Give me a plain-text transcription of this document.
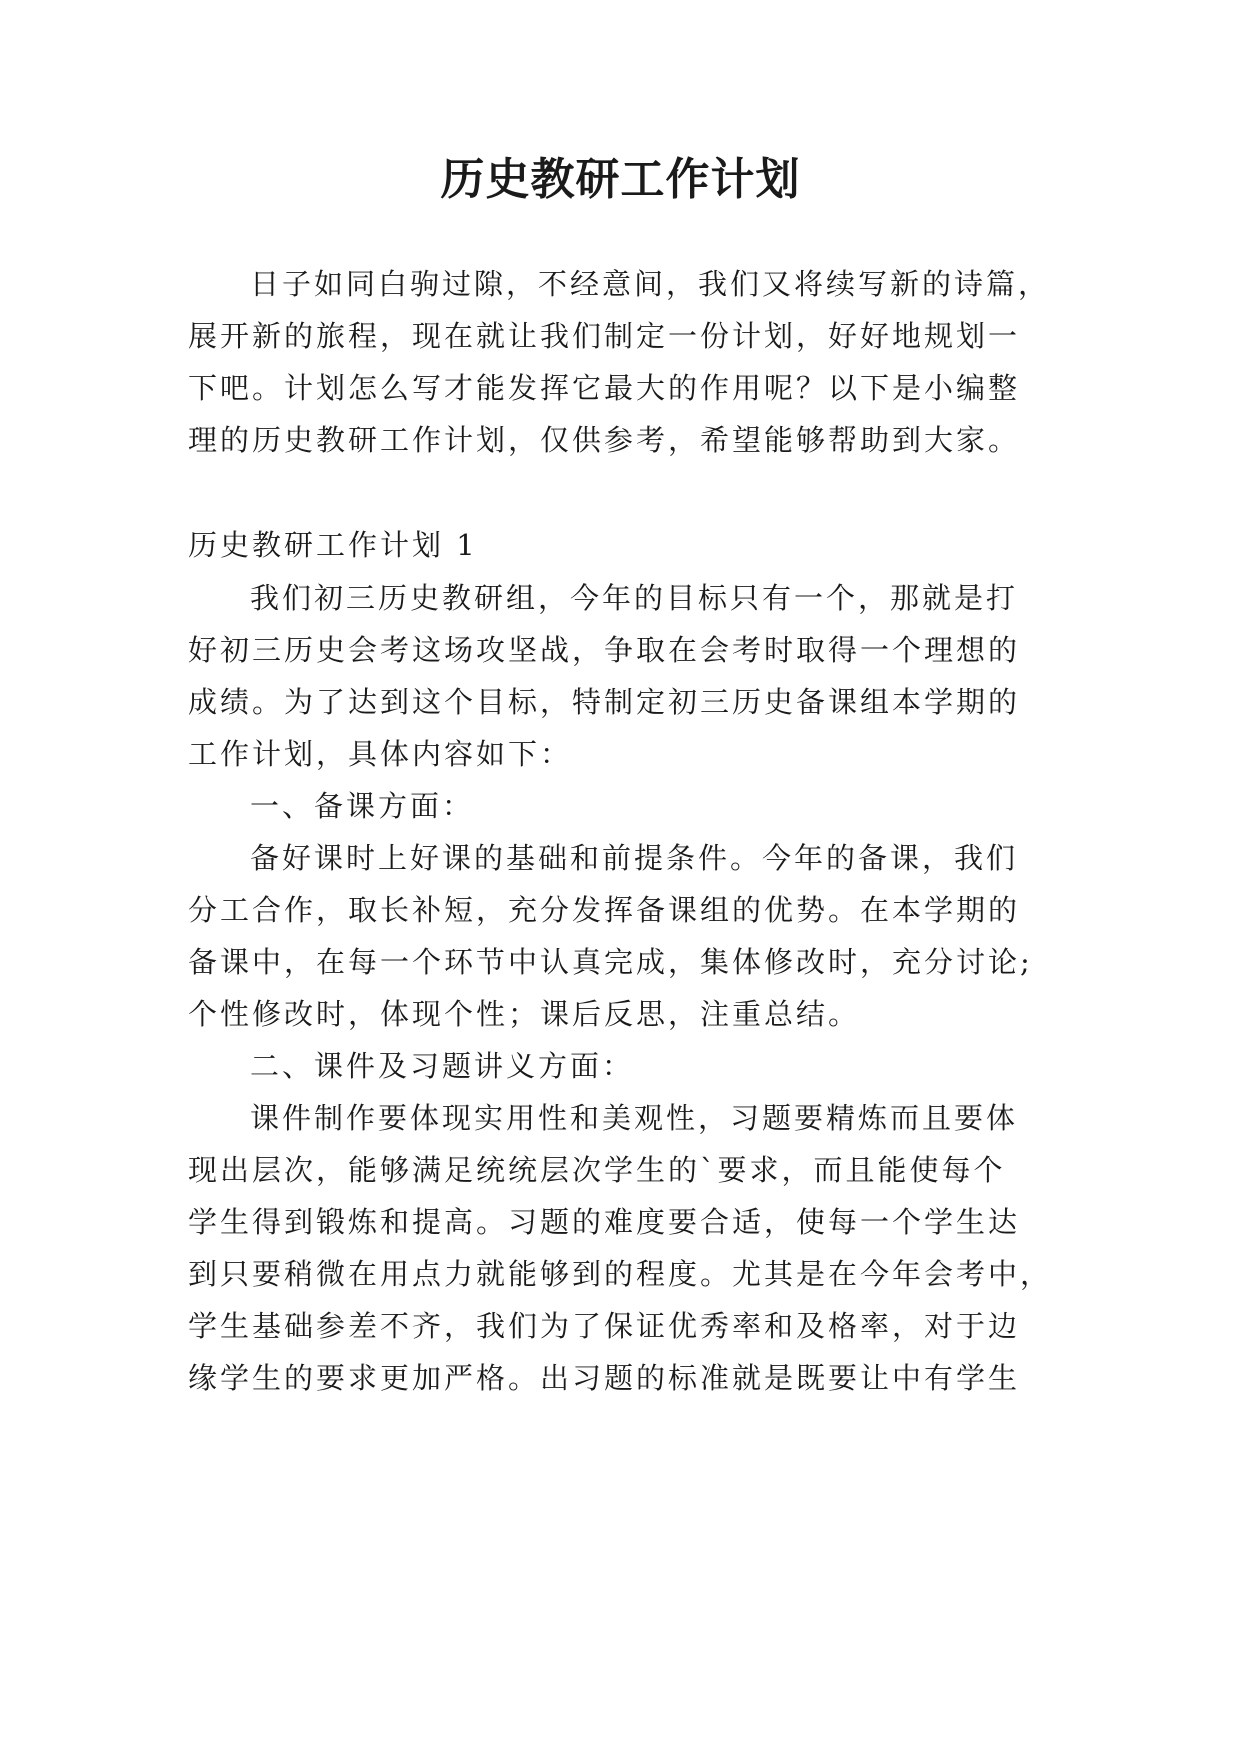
历史教研工作计划
日子如同白驹过隙，不经意间，我们又将续写新的诗篇，
展开新的旅程，现在就让我们制定一份计划，好好地规划一
下吧。计划怎么写才能发挥它最大的作用呢？以下是小编整
理的历史教研工作计划，仅供参考，希望能够帮助到大家。
历史教研工作计划 1
我们初三历史教研组，今年的目标只有一个，那就是打
好初三历史会考这场攻坚战，争取在会考时取得一个理想的
成绩。为了达到这个目标，特制定初三历史备课组本学期的
工作计划，具体内容如下：
一、备课方面：
备好课时上好课的基础和前提条件。今年的备课，我们
分工合作，取长补短，充分发挥备课组的优势。在本学期的
备课中，在每一个环节中认真完成，集体修改时，充分讨论;
个性修改时，体现个性；课后反思，注重总结。
二、课件及习题讲义方面：
课件制作要体现实用性和美观性，习题要精炼而且要体
现出层次，能够满足统统层次学生的`要求，而且能使每个
学生得到锻炼和提高。习题的难度要合适，使每一个学生达
到只要稍微在用点力就能够到的程度。尤其是在今年会考中，
学生基础参差不齐，我们为了保证优秀率和及格率，对于边
缘学生的要求更加严格。出习题的标准就是既要让中有学生
